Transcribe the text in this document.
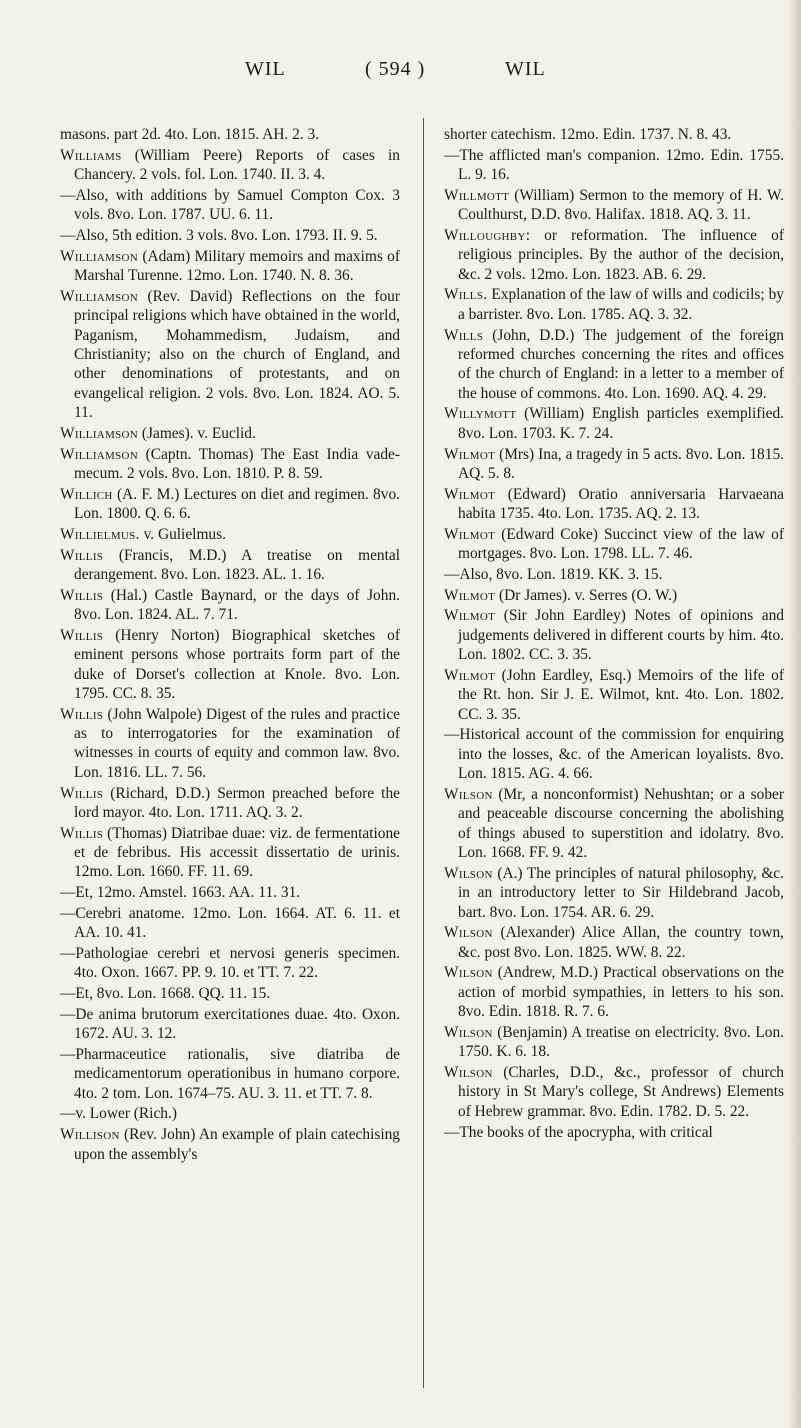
WIL	( 594 )	WIL

masons. part 2d. 4to. Lon. 1815. AH. 2. 3.

Williams (William Peere) Reports of cases in Chancery. 2 vols. fol. Lon. 1740. II. 3. 4.

—Also, with additions by Samuel Compton Cox. 3 vols. 8vo. Lon. 1787. UU. 6. 11.

—Also, 5th edition. 3 vols. 8vo. Lon. 1793. II. 9. 5.

Williamson (Adam) Military memoirs and maxims of Marshal Turenne. 12mo. Lon. 1740. N. 8. 36.

Williamson (Rev. David) Reflections on the four principal religions which have obtained in the world, Paganism, Mohammedism, Judaism, and Christianity; also on the church of England, and other denominations of protestants, and on evangelical religion. 2 vols. 8vo. Lon. 1824. AO. 5. 11.

Williamson (James). v. Euclid.

Williamson (Captn. Thomas) The East India vade-mecum. 2 vols. 8vo. Lon. 1810. P. 8. 59.

Willich (A. F. M.) Lectures on diet and regimen. 8vo. Lon. 1800. Q. 6. 6.

Willielmus. v. Gulielmus.

Willis (Francis, M.D.) A treatise on mental derangement. 8vo. Lon. 1823. AL. 1. 16.

Willis (Hal.) Castle Baynard, or the days of John. 8vo. Lon. 1824. AL. 7. 71.

Willis (Henry Norton) Biographical sketches of eminent persons whose portraits form part of the duke of Dorset's collection at Knole. 8vo. Lon. 1795. CC. 8. 35.

Willis (John Walpole) Digest of the rules and practice as to interrogatories for the examination of witnesses in courts of equity and common law. 8vo. Lon. 1816. LL. 7. 56.

Willis (Richard, D.D.) Sermon preached before the lord mayor. 4to. Lon. 1711. AQ. 3. 2.

Willis (Thomas) Diatribae duae: viz. de fermentatione et de febribus. His accessit dissertatio de urinis. 12mo. Lon. 1660. FF. 11. 69.

—Et, 12mo. Amstel. 1663. AA. 11. 31.

—Cerebri anatome. 12mo. Lon. 1664. AT. 6. 11. et AA. 10. 41.

—Pathologiae cerebri et nervosi generis specimen. 4to. Oxon. 1667. PP. 9. 10. et TT. 7. 22.

—Et, 8vo. Lon. 1668. QQ. 11. 15.

—De anima brutorum exercitationes duae. 4to. Oxon. 1672. AU. 3. 12.

—Pharmaceutice rationalis, sive diatriba de medicamentorum operationibus in humano corpore. 4to. 2 tom. Lon. 1674–75. AU. 3. 11. et TT. 7. 8.

—v. Lower (Rich.)

Willison (Rev. John) An example of plain catechising upon the assembly's

shorter catechism. 12mo. Edin. 1737. N. 8. 43.

—The afflicted man's companion. 12mo. Edin. 1755. L. 9. 16.

Willmott (William) Sermon to the memory of H. W. Coulthurst, D.D. 8vo. Halifax. 1818. AQ. 3. 11.

Willoughby: or reformation. The influence of religious principles. By the author of the decision, &c. 2 vols. 12mo. Lon. 1823. AB. 6. 29.

Wills. Explanation of the law of wills and codicils; by a barrister. 8vo. Lon. 1785. AQ. 3. 32.

Wills (John, D.D.) The judgement of the foreign reformed churches concerning the rites and offices of the church of England: in a letter to a member of the house of commons. 4to. Lon. 1690. AQ. 4. 29.

Willymott (William) English particles exemplified. 8vo. Lon. 1703. K. 7. 24.

Wilmot (Mrs) Ina, a tragedy in 5 acts. 8vo. Lon. 1815. AQ. 5. 8.

Wilmot (Edward) Oratio anniversaria Harvaeana habita 1735. 4to. Lon. 1735. AQ. 2. 13.

Wilmot (Edward Coke) Succinct view of the law of mortgages. 8vo. Lon. 1798. LL. 7. 46.

—Also, 8vo. Lon. 1819. KK. 3. 15.

Wilmot (Dr James). v. Serres (O. W.)

Wilmot (Sir John Eardley) Notes of opinions and judgements delivered in different courts by him. 4to. Lon. 1802. CC. 3. 35.

Wilmot (John Eardley, Esq.) Memoirs of the life of the Rt. hon. Sir J. E. Wilmot, knt. 4to. Lon. 1802. CC. 3. 35.

—Historical account of the commission for enquiring into the losses, &c. of the American loyalists. 8vo. Lon. 1815. AG. 4. 66.

Wilson (Mr, a nonconformist) Nehushtan; or a sober and peaceable discourse concerning the abolishing of things abused to superstition and idolatry. 8vo. Lon. 1668. FF. 9. 42.

Wilson (A.) The principles of natural philosophy, &c. in an introductory letter to Sir Hildebrand Jacob, bart. 8vo. Lon. 1754. AR. 6. 29.

Wilson (Alexander) Alice Allan, the country town, &c. post 8vo. Lon. 1825. WW. 8. 22.

Wilson (Andrew, M.D.) Practical observations on the action of morbid sympathies, in letters to his son. 8vo. Edin. 1818. R. 7. 6.

Wilson (Benjamin) A treatise on electricity. 8vo. Lon. 1750. K. 6. 18.

Wilson (Charles, D.D., &c., professor of church history in St Mary's college, St Andrews) Elements of Hebrew grammar. 8vo. Edin. 1782. D. 5. 22.

—The books of the apocrypha, with critical
